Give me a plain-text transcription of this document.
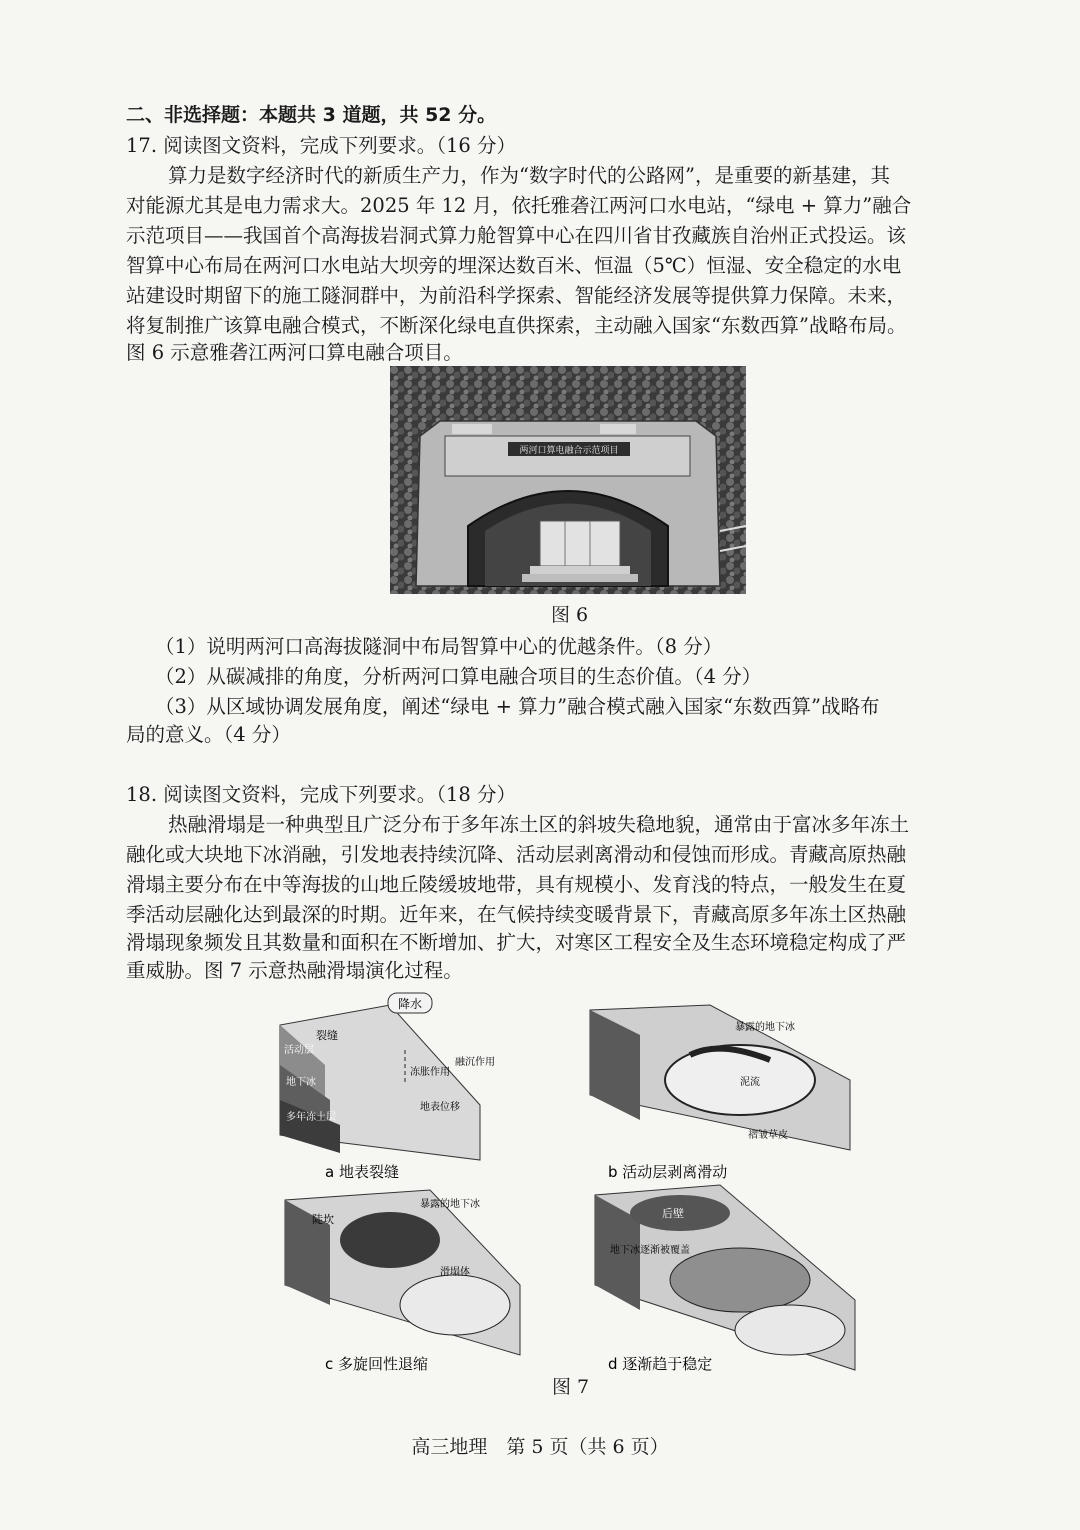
二、非选择题：本题共 3 道题，共 52 分。
17. 阅读图文资料，完成下列要求。（16 分）
算力是数字经济时代的新质生产力，作为“数字时代的公路网”，是重要的新基建，其
对能源尤其是电力需求大。2025 年 12 月，依托雅砻江两河口水电站，“绿电 + 算力”融合
示范项目——我国首个高海拔岩洞式算力舱智算中心在四川省甘孜藏族自治州正式投运。该
智算中心布局在两河口水电站大坝旁的埋深达数百米、恒温（5℃）恒湿、安全稳定的水电
站建设时期留下的施工隧洞群中，为前沿科学探索、智能经济发展等提供算力保障。未来，
将复制推广该算电融合模式，不断深化绿电直供探索，主动融入国家“东数西算”战略布局。
图 6 示意雅砻江两河口算电融合项目。
两河口算电融合示范项目
图 6
（1）说明两河口高海拔隧洞中布局智算中心的优越条件。（8 分）
（2）从碳减排的角度，分析两河口算电融合项目的生态价值。（4 分）
（3）从区域协调发展角度，阐述“绿电 + 算力”融合模式融入国家“东数西算”战略布
局的意义。（4 分）
18. 阅读图文资料，完成下列要求。（18 分）
热融滑塌是一种典型且广泛分布于多年冻土区的斜坡失稳地貌，通常由于富冰多年冻土
融化或大块地下冰消融，引发地表持续沉降、活动层剥离滑动和侵蚀而形成。青藏高原热融
滑塌主要分布在中等海拔的山地丘陵缓坡地带，具有规模小、发育浅的特点，一般发生在夏
季活动层融化达到最深的时期。近年来，在气候持续变暖背景下，青藏高原多年冻土区热融
滑塌现象频发且其数量和面积在不断增加、扩大，对寒区工程安全及生态环境稳定构成了严
重威胁。图 7 示意热融滑塌演化过程。
降水
裂缝
活动层
地下冰
多年冻土层
冻胀作用
融沉作用
地表位移
a 地表裂缝
暴露的地下冰
泥流
褶皱草皮
b 活动层剥离滑动
陡坎
暴露的地下冰
滑塌体
c 多旋回性退缩
后壁
地下冰逐渐被覆盖
d 逐渐趋于稳定
图 7
高三地理　第 5 页（共 6 页）
